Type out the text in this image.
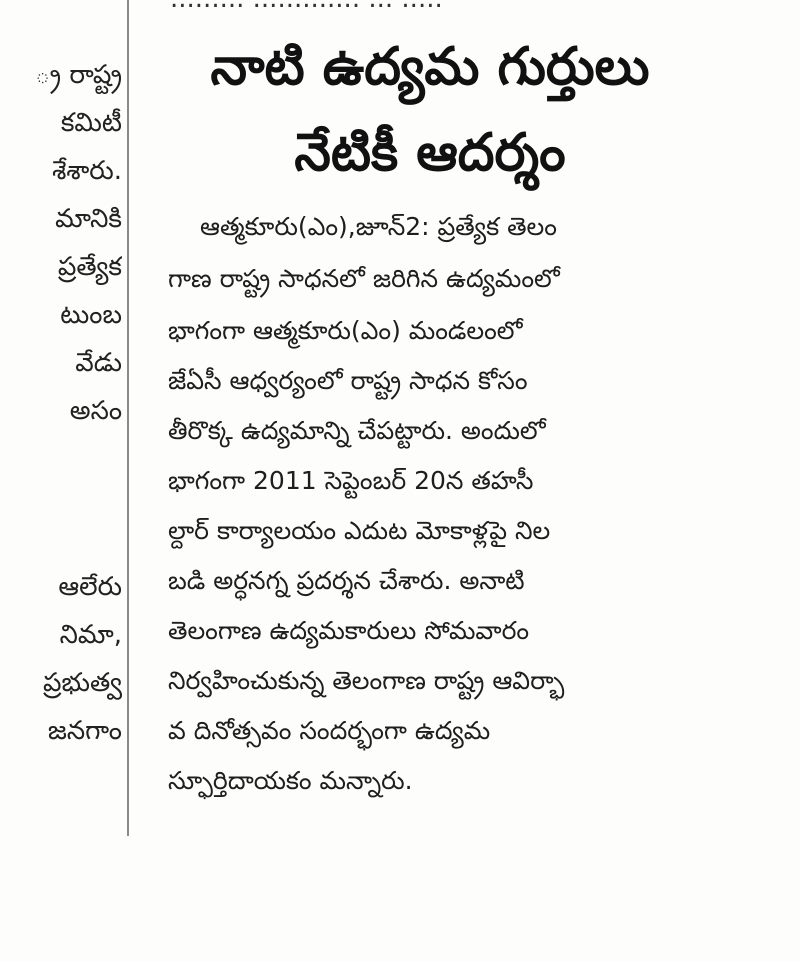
్ర రాష్ట్ర
కమిటీ
శేశారు.
మానికి
ప్రత్యేక
టుంబ
వేడు
అసం
ఆలేరు
నిమా,
ప్రభుత్వ
జనగాం
నాటి ఉద్యమ గుర్తులు
నేటికీ ఆదర్శం
ఆత్మకూరు(ఎం),జూన్2: ప్రత్యేక తెలం
గాణ రాష్ట్ర సాధనలో జరిగిన ఉద్యమంలో
భాగంగా ఆత్మకూరు(ఎం) మండలంలో
జేఏసీ ఆధ్వర్యంలో రాష్ట్ర సాధన కోసం
తీరొక్క ఉద్యమాన్ని చేపట్టారు. అందులో
భాగంగా 2011 సెప్టెంబర్ 20న తహసీ
ల్దార్ కార్యాలయం ఎదుట మోకాళ్లపై నిల
బడి అర్ధనగ్న ప్రదర్శన చేశారు. అనాటి
తెలంగాణ ఉద్యమకారులు సోమవారం
నిర్వహించుకున్న తెలంగాణ రాష్ట్ర ఆవిర్భా
వ దినోత్సవం సందర్భంగా ఉద్యమ
స్ఫూర్తిదాయకం మన్నారు.
